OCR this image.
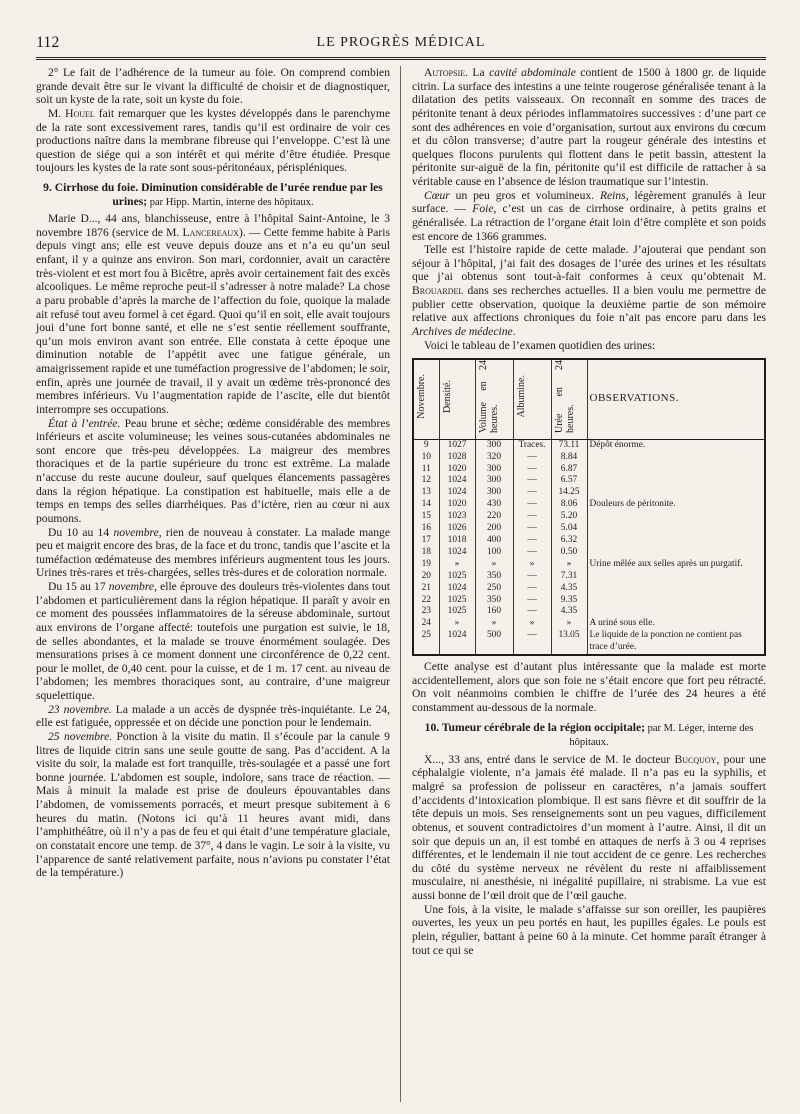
112	LE PROGRÈS MÉDICAL

2° Le fait de l’adhérence de la tumeur au foie. On comprend combien grande devait être sur le vivant la difficulté de choisir et de diagnostiquer, soit un kyste de la rate, soit un kyste du foie.

M. Houel fait remarquer que les kystes développés dans le parenchyme de la rate sont excessivement rares, tandis qu’il est ordinaire de voir ces productions naître dans la membrane fibreuse qui l’enveloppe. C’est là une question de siége qui a son intérêt et qui mérite d’être étudiée. Presque toujours les kystes de la rate sont sous-péritonéaux, périspléniques.

9. Cirrhose du foie. Diminution considérable de l’urée rendue par les urines; par Hipp. Martin, interne des hôpitaux.

Marie D..., 44 ans, blanchisseuse, entre à l’hôpital Saint-Antoine, le 3 novembre 1876 (service de M. Lancereaux). — Cette femme habite à Paris depuis vingt ans; elle est veuve depuis douze ans et n’a eu qu’un seul enfant, il y a quinze ans environ. Son mari, cordonnier, avait un caractère très-violent et est mort fou à Bicêtre, après avoir certainement fait des excès alcooliques. Le même reproche peut-il s’adresser à notre malade? La chose a paru probable d’après la marche de l’affection du foie, quoique la malade ait refusé tout aveu formel à cet égard. Quoi qu’il en soit, elle avait toujours joui d’une fort bonne santé, et elle ne s’est sentie réellement souffrante, qu’un mois environ avant son entrée. Elle constata à cette époque une diminution notable de l’appétit avec une fatigue générale, un amaigrissement rapide et une tuméfaction progressive de l’abdomen; le soir, enfin, après une journée de travail, il y avait un œdème très-prononcé des membres inférieurs. Vu l’augmentation rapide de l’ascite, elle dut bientôt interrompre ses occupations.

État à l’entrée. Peau brune et sèche; œdème considérable des membres inférieurs et ascite volumineuse; les veines sous-cutanées abdominales ne sont encore que très-peu développées. La maigreur des membres thoraciques et de la partie supérieure du tronc est extrême. La malade n’accuse du reste aucune douleur, sauf quelques élancements passagères dans la région hépatique. La constipation est habituelle, mais elle a de temps en temps des selles diarrhéiques. Pas d’ictère, rien au cœur ni aux poumons.

Du 10 au 14 novembre, rien de nouveau à constater. La malade mange peu et maigrit encore des bras, de la face et du tronc, tandis que l’ascite et la tuméfaction œdémateuse des membres inférieurs augmentent tous les jours. Urines très-rares et très-chargées, selles très-dures et de coloration normale.

Du 15 au 17 novembre, elle éprouve des douleurs très-violentes dans tout l’abdomen et particulièrement dans la région hépatique. Il paraît y avoir en ce moment des poussées inflammatoires de la séreuse abdominale, surtout aux environs de l’organe affecté: toutefois une purgation est suivie, le 18, de selles abondantes, et la malade se trouve énormément soulagée. Des mensurations prises à ce moment donnent une circonférence de 0,22 cent. pour le mollet, de 0,40 cent. pour la cuisse, et de 1 m. 17 cent. au niveau de l’abdomen; les membres thoraciques sont, au contraire, d’une maigreur squelettique.

23 novembre. La malade a un accès de dyspnée très-inquiétante. Le 24, elle est fatiguée, oppressée et on décide une ponction pour le lendemain.

25 novembre. Ponction à la visite du matin. Il s’écoule par la canule 9 litres de liquide citrin sans une seule goutte de sang. Pas d’accident. A la visite du soir, la malade est fort tranquille, très-soulagée et a passé une fort bonne journée. L’abdomen est souple, indolore, sans trace de réaction. — Mais à minuit la malade est prise de douleurs épouvantables dans l’abdomen, de vomissements porracés, et meurt presque subitement à 6 heures du matin. (Notons ici qu’à 11 heures avant midi, dans l’amphithéâtre, où il n’y a pas de feu et qui était d’une température glaciale, on constatait encore une temp. de 37°, 4 dans le vagin. Le soir à la visite, vu l’apparence de santé relativement parfaite, nous n’avions pu constater l’état de la température.)

Autopsie. La cavité abdominale contient de 1500 à 1800 gr. de liquide citrin. La surface des intestins a une teinte rougerose généralisée tenant à la dilatation des petits vaisseaux. On reconnaît en somme des traces de péritonite tenant à deux périodes inflammatoires successives : d’une part ce sont des adhérences en voie d’organisation, surtout aux environs du cœcum et du côlon transverse; d’autre part la rougeur générale des intestins et quelques flocons purulents qui flottent dans le petit bassin, attestent la péritonite sur-aiguë de la fin, péritonite qu’il est difficile de rattacher à sa véritable cause en l’absence de lésion traumatique sur l’intestin.

Cœur un peu gros et volumineux. Reins, légèrement granulés à leur surface. — Foie, c’est un cas de cirrhose ordinaire, à petits grains et généralisée. La rétraction de l’organe était loin d’être complète et son poids est encore de 1366 grammes.

Telle est l’histoire rapide de cette malade. J’ajouterai que pendant son séjour à l’hôpital, j’ai fait des dosages de l’urée des urines et les résultats que j’ai obtenus sont tout-à-fait conformes à ceux qu’obtenait M. Brouardel dans ses recherches actuelles. Il a bien voulu me permettre de publier cette observation, quoique la deuxième partie de son mémoire relative aux affections chroniques du foie n’ait pas encore paru dans les Archives de médecine.

Voici le tableau de l’examen quotidien des urines:

Novembre.	Densité.	Volume en 24 heures.	Albumine.	Urée en 24 heures.	OBSERVATIONS.
9	1027	300	Traces.	73.11	Dépôt énorme.
10	1028	320	—	8.84	
11	1020	300	—	6.87	
12	1024	300	—	6.57	
13	1024	300	—	14.25	
14	1020	430	—	8.06	Douleurs de péritonite.
15	1023	220	—	5.20	
16	1026	200	—	5.04	
17	1018	400	—	6.32	
18	1024	100	—	0.50	
19	»	»	»	»	Urine mêlée aux selles après un purgatif.
20	1025	350	—	7.31	
21	1024	250	—	4.35	
22	1025	350	—	9.35	
23	1025	160	—	4.35	
24	»	»	»	»	A uriné sous elle.
25	1024	500	—	13.05	Le liquide de la ponction ne contient pas trace d’urée.

Cette analyse est d’autant plus intéressante que la malade est morte accidentellement, alors que son foie ne s’était encore que fort peu rétracté. On voit néanmoins combien le chiffre de l’urée des 24 heures a été constamment au-dessous de la normale.

10. Tumeur cérébrale de la région occipitale; par M. Léger, interne des hôpitaux.

X..., 33 ans, entré dans le service de M. le docteur Bucquoy, pour une céphalalgie violente, n’a jamais été malade. Il n’a pas eu la syphilis, et malgré sa profession de polisseur en caractères, n’a jamais souffert d’accidents d’intoxication plombique. Il est sans fièvre et dit souffrir de la tête depuis un mois. Ses renseignements sont un peu vagues, difficilement obtenus, et souvent contradictoires d’un moment à l’autre. Ainsi, il dit un soir que depuis un an, il est tombé en attaques de nerfs à 3 ou 4 reprises différentes, et le lendemain il nie tout accident de ce genre. Les recherches du côté du système nerveux ne révèlent du reste ni affaiblissement musculaire, ni anesthésie, ni inégalité pupillaire, ni strabisme. La vue est aussi bonne de l’œil droit que de l’œil gauche.

Une fois, à la visite, le malade s’affaisse sur son oreiller, les paupières ouvertes, les yeux un peu portés en haut, les pupilles égales. Le pouls est plein, régulier, battant à peine 60 à la minute. Cet homme paraît étranger à tout ce qui se
